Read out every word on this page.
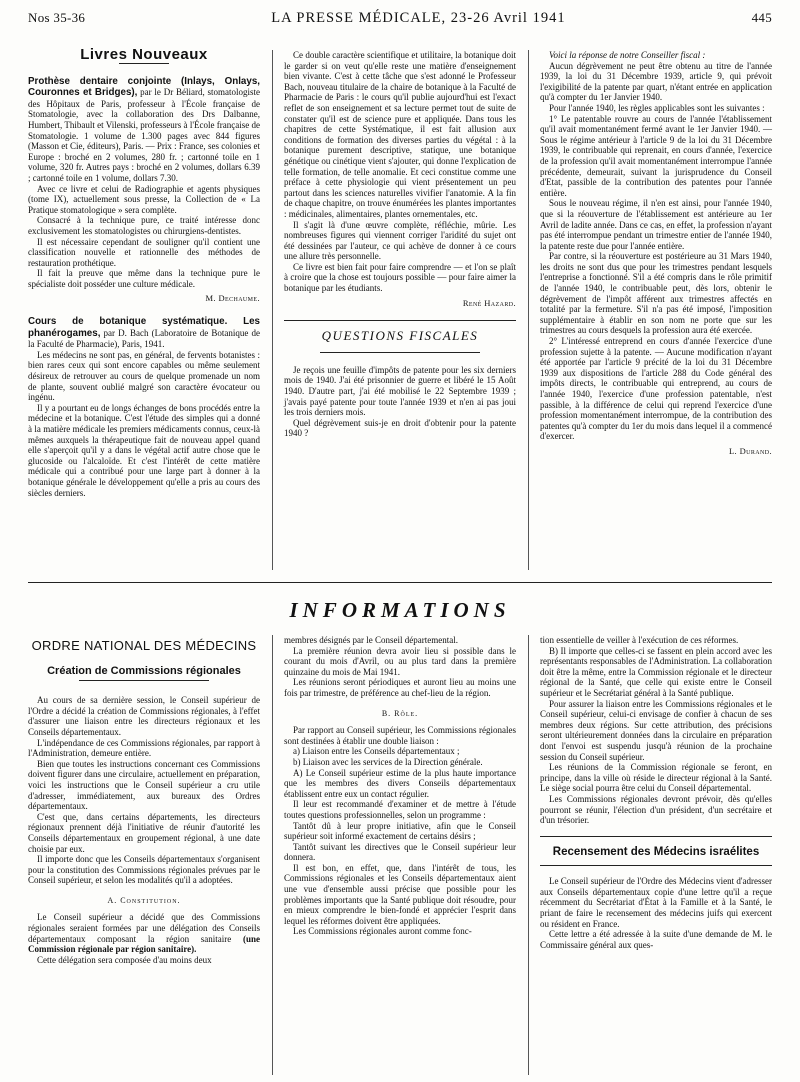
Nos 35-36	LA PRESSE MÉDICALE, 23-26 Avril 1941	445
Livres Nouveaux

Prothèse dentaire conjointe (Inlays, Onlays, Couronnes et Bridges), par le Dr Béliard, stomatologiste des Hôpitaux de Paris, professeur à l'École française de Stomatologie, avec la collaboration des Drs Dalbanne, Humbert, Thibault et Vilenski, professeurs à l'École française de Stomatologie. 1 volume de 1.300 pages avec 844 figures (Masson et Cie, éditeurs), Paris. — Prix : France, ses colonies et Europe : broché en 2 volumes, 280 fr. ; cartonné toile en 1 volume, 320 fr. Autres pays : broché en 2 volumes, dollars 6.39 ; cartonné toile en 1 volume, dollars 7.30.

Avec ce livre et celui de Radiographie et agents physiques (tome IX), actuellement sous presse, la Collection de « La Pratique stomatologique » sera complète.

Consacré à la technique pure, ce traité intéresse donc exclusivement les stomatologistes ou chirurgiens-dentistes.

Il est nécessaire cependant de souligner qu'il contient une classification nouvelle et rationnelle des méthodes de restauration prothétique.

Il fait la preuve que même dans la technique pure le spécialiste doit posséder une culture médicale.

M. Dechaume.

Cours de botanique systématique. Les phanérogames, par D. Bach (Laboratoire de Botanique de la Faculté de Pharmacie), Paris, 1941.

Les médecins ne sont pas, en général, de fervents botanistes : bien rares ceux qui sont encore capables ou même seulement désireux de retrouver au cours de quelque promenade un nom de plante, souvent oublié malgré son caractère évocateur ou ingénu.

Il y a pourtant eu de longs échanges de bons procédés entre la médecine et la botanique. C'est l'étude des simples qui a donné à la matière médicale les premiers médicaments connus, ceux-là mêmes auxquels la thérapeutique fait de nouveau appel quand elle s'aperçoit qu'il y a dans le végétal actif autre chose que le glucoside ou l'alcaloïde. Et c'est l'intérêt de cette matière médicale qui a contribué pour une large part à donner à la botanique générale le développement qu'elle a pris au cours des siècles derniers.

Ce double caractère scientifique et utilitaire, la botanique doit le garder si on veut qu'elle reste une matière d'enseignement bien vivante. C'est à cette tâche que s'est adonné le Professeur Bach, nouveau titulaire de la chaire de botanique à la Faculté de Pharmacie de Paris : le cours qu'il publie aujourd'hui est l'exact reflet de son enseignement et sa lecture permet tout de suite de constater qu'il est de science pure et appliquée. Dans tous les chapitres de cette Systématique, il est fait allusion aux conditions de formation des diverses parties du végétal : à la botanique purement descriptive, statique, une botanique génétique ou cinétique vient s'ajouter, qui donne l'explication de telle formation, de telle anomalie. Et ceci constitue comme une préface à cette physiologie qui vient présentement un peu partout dans les sciences naturelles vivifier l'anatomie. A la fin de chaque chapitre, on trouve énumérées les plantes importantes : médicinales, alimentaires, plantes ornementales, etc.

Il s'agit là d'une œuvre complète, réfléchie, mûrie. Les nombreuses figures qui viennent corriger l'aridité du sujet ont été dessinées par l'auteur, ce qui achève de donner à ce cours une allure très personnelle.

Ce livre est bien fait pour faire comprendre — et l'on se plaît à croire que la chose est toujours possible — pour faire aimer la botanique par les étudiants.

René Hazard.

QUESTIONS FISCALES

Je reçois une feuille d'impôts de patente pour les six derniers mois de 1940. J'ai été prisonnier de guerre et libéré le 15 Août 1940. D'autre part, j'ai été mobilisé le 22 Septembre 1939 ; j'avais payé patente pour toute l'année 1939 et n'en ai pas joui les trois derniers mois.

Quel dégrèvement suis-je en droit d'obtenir pour la patente 1940 ?

Voici la réponse de notre Conseiller fiscal :

Aucun dégrèvement ne peut être obtenu au titre de l'année 1939, la loi du 31 Décembre 1939, article 9, qui prévoit l'exigibilité de la patente par quart, n'étant entrée en application qu'à compter du 1er Janvier 1940.

Pour l'année 1940, les règles applicables sont les suivantes :

1° Le patentable rouvre au cours de l'année l'établissement qu'il avait momentanément fermé avant le 1er Janvier 1940. — Sous le régime antérieur à l'article 9 de la loi du 31 Décembre 1939, le contribuable qui reprenait, en cours d'année, l'exercice de la profession qu'il avait momentanément interrompue l'année précédente, demeurait, suivant la jurisprudence du Conseil d'Etat, passible de la contribution des patentes pour l'année entière.

Sous le nouveau régime, il n'en est ainsi, pour l'année 1940, que si la réouverture de l'établissement est antérieure au 1er Avril de ladite année. Dans ce cas, en effet, la profession n'ayant pas été interrompue pendant un trimestre entier de l'année 1940, la patente reste due pour l'année entière.

Par contre, si la réouverture est postérieure au 31 Mars 1940, les droits ne sont dus que pour les trimestres pendant lesquels l'entreprise a fonctionné. S'il a été compris dans le rôle primitif de l'année 1940, le contribuable peut, dès lors, obtenir le dégrèvement de l'impôt afférent aux trimestres affectés en totalité par la fermeture. S'il n'a pas été imposé, l'imposition supplémentaire à établir en son nom ne porte que sur les trimestres au cours desquels la profession aura été exercée.

2° L'intéressé entreprend en cours d'année l'exercice d'une profession sujette à la patente. — Aucune modification n'ayant été apportée par l'article 9 précité de la loi du 31 Décembre 1939 aux dispositions de l'article 288 du Code général des impôts directs, le contribuable qui entreprend, au cours de l'année 1940, l'exercice d'une profession patentable, n'est passible, à la différence de celui qui reprend l'exercice d'une profession momentanément interrompue, de la contribution des patentes qu'à compter du 1er du mois dans lequel il a commencé d'exercer.

L. Durand.

INFORMATIONS
ORDRE NATIONAL DES MÉDECINS
Création de Commissions régionales

Au cours de sa dernière session, le Conseil supérieur de l'Ordre a décidé la création de Commissions régionales, à l'effet d'assurer une liaison entre les directeurs régionaux et les Conseils départementaux.

L'indépendance de ces Commissions régionales, par rapport à l'Administration, demeure entière.

Bien que toutes les instructions concernant ces Commissions doivent figurer dans une circulaire, actuellement en préparation, voici les instructions que le Conseil supérieur a cru utile d'adresser, immédiatement, aux bureaux des Ordres départementaux.

C'est que, dans certains départements, les directeurs régionaux prennent déjà l'initiative de réunir d'autorité les Conseils départementaux en groupement régional, à une date choisie par eux.

Il importe donc que les Conseils départementaux s'organisent pour la constitution des Commissions régionales prévues par le Conseil supérieur, et selon les modalités qu'il a adoptées.

A. Constitution.

Le Conseil supérieur a décidé que des Commissions régionales seraient formées par une délégation des Conseils départementaux composant la région sanitaire (une Commission régionale par région sanitaire).

Cette délégation sera composée d'au moins deux

membres désignés par le Conseil départemental.

La première réunion devra avoir lieu si possible dans le courant du mois d'Avril, ou au plus tard dans la première quinzaine du mois de Mai 1941.

Les réunions seront périodiques et auront lieu au moins une fois par trimestre, de préférence au chef-lieu de la région.

B. Rôle.

Par rapport au Conseil supérieur, les Commissions régionales sont destinées à établir une double liaison :

a) Liaison entre les Conseils départementaux ;

b) Liaison avec les services de la Direction générale.

A) Le Conseil supérieur estime de la plus haute importance que les membres des divers Conseils départementaux établissent entre eux un contact régulier.

Il leur est recommandé d'examiner et de mettre à l'étude toutes questions professionnelles, selon un programme :

Tantôt dû à leur propre initiative, afin que le Conseil supérieur soit informé exactement de certains désirs ;

Tantôt suivant les directives que le Conseil supérieur leur donnera.

Il est bon, en effet, que, dans l'intérêt de tous, les Commissions régionales et les Conseils départementaux aient une vue d'ensemble aussi précise que possible pour les problèmes importants que la Santé publique doit résoudre, pour en mieux comprendre le bien-fondé et apprécier l'esprit dans lequel les réformes doivent être appliquées.

Les Commissions régionales auront comme fonc-

tion essentielle de veiller à l'exécution de ces réformes.

B) Il importe que celles-ci se fassent en plein accord avec les représentants responsables de l'Administration. La collaboration doit être la même, entre la Commission régionale et le directeur régional de la Santé, que celle qui existe entre le Conseil supérieur et le Secrétariat général à la Santé publique.

Pour assurer la liaison entre les Commissions régionales et le Conseil supérieur, celui-ci envisage de confier à chacun de ses membres deux régions. Sur cette attribution, des précisions seront ultérieurement données dans la circulaire en préparation dont l'envoi est suspendu jusqu'à réunion de la prochaine session du Conseil supérieur.

Les réunions de la Commission régionale se feront, en principe, dans la ville où réside le directeur régional à la Santé. Le siège social pourra être celui du Conseil départemental.

Les Commissions régionales devront prévoir, dès qu'elles pourront se réunir, l'élection d'un président, d'un secrétaire et d'un trésorier.

Recensement des Médecins israélites

Le Conseil supérieur de l'Ordre des Médecins vient d'adresser aux Conseils départementaux copie d'une lettre qu'il a reçue récemment du Secrétariat d'État à la Famille et à la Santé, le priant de faire le recensement des médecins juifs qui exercent ou résident en France.

Cette lettre a été adressée à la suite d'une demande de M. le Commissaire général aux ques-
